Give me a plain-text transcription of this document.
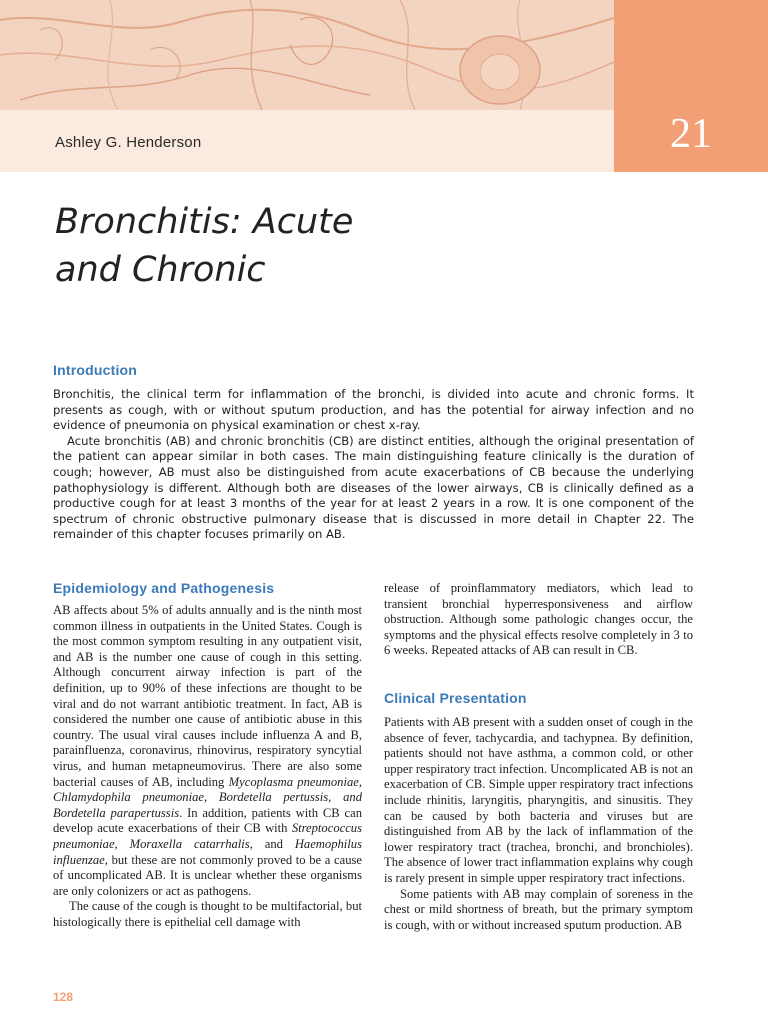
Ashley G. Henderson	21
Bronchitis: Acute
and Chronic
Introduction

Bronchitis, the clinical term for inflammation of the bronchi, is divided into acute and chronic forms. It presents as cough, with or without sputum production, and has the potential for airway infection and no evidence of pneumonia on physical examination or chest x-ray.

Acute bronchitis (AB) and chronic bronchitis (CB) are distinct entities, although the original presentation of the patient can appear similar in both cases. The main distinguishing feature clinically is the duration of cough; however, AB must also be distinguished from acute exacerbations of CB because the underlying pathophysiology is different. Although both are diseases of the lower airways, CB is clinically defined as a productive cough for at least 3 months of the year for at least 2 years in a row. It is one component of the spectrum of chronic obstructive pulmonary disease that is discussed in more detail in Chapter 22. The remainder of this chapter focuses primarily on AB.

Epidemiology and Pathogenesis

AB affects about 5% of adults annually and is the ninth most common illness in outpatients in the United States. Cough is the most common symptom resulting in any outpatient visit, and AB is the number one cause of cough in this setting. Although concurrent airway infection is part of the definition, up to 90% of these infections are thought to be viral and do not warrant antibiotic treatment. In fact, AB is considered the number one cause of antibiotic abuse in this country. The usual viral causes include influenza A and B, parainfluenza, coronavirus, rhinovirus, respiratory syncytial virus, and human metapneumovirus. There are also some bacterial causes of AB, including Mycoplasma pneumoniae, Chlamydophila pneumoniae, Bordetella pertussis, and Bordetella parapertussis. In addition, patients with CB can develop acute exacerbations of their CB with Streptococcus pneumoniae, Moraxella catarrhalis, and Haemophilus influenzae, but these are not commonly proved to be a cause of uncomplicated AB. It is unclear whether these organisms are only colonizers or act as pathogens.

The cause of the cough is thought to be multifactorial, but histologically there is epithelial cell damage with

release of proinflammatory mediators, which lead to transient bronchial hyperresponsiveness and airflow obstruction. Although some pathologic changes occur, the symptoms and the physical effects resolve completely in 3 to 6 weeks. Repeated attacks of AB can result in CB.

Clinical Presentation

Patients with AB present with a sudden onset of cough in the absence of fever, tachycardia, and tachypnea. By definition, patients should not have asthma, a common cold, or other upper respiratory tract infection. Uncomplicated AB is not an exacerbation of CB. Simple upper respiratory tract infections include rhinitis, laryngitis, pharyngitis, and sinusitis. They can be caused by both bacteria and viruses but are distinguished from AB by the lack of inflammation of the lower respiratory tract (trachea, bronchi, and bronchioles). The absence of lower tract inflammation explains why cough is rarely present in simple upper respiratory tract infections.

Some patients with AB may complain of soreness in the chest or mild shortness of breath, but the primary symptom is cough, with or without increased sputum production. AB

128
